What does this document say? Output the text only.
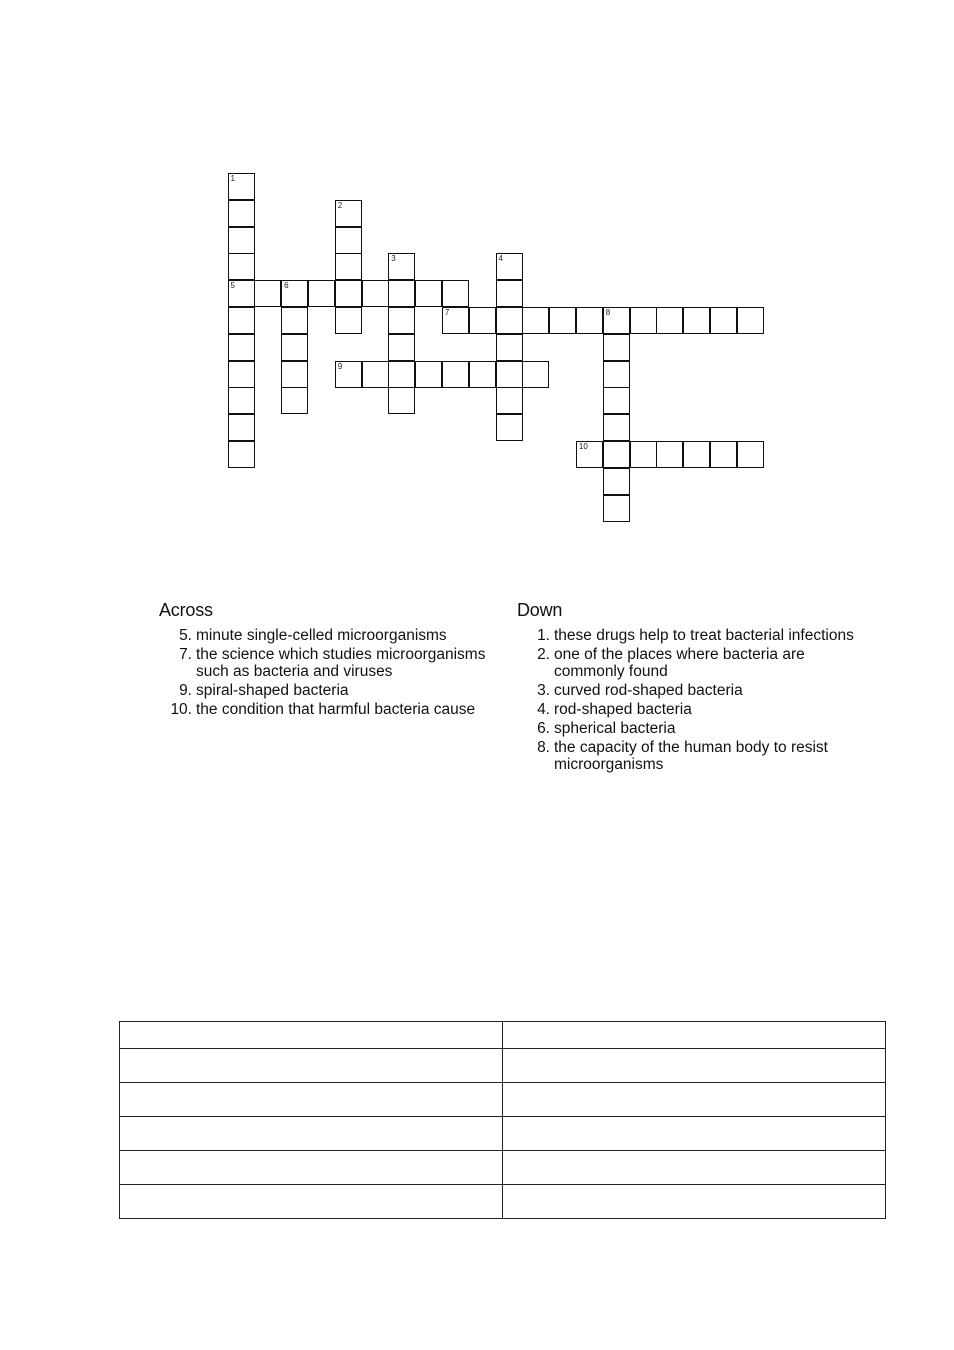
1
5
2
3	4
6
7	8
9
10
Across
5. minute single-celled microorganisms
7. the science which studies microorganisms such as bacteria and viruses
9. spiral-shaped bacteria
10. the condition that harmful bacteria cause
Down
1. these drugs help to treat bacterial infections
2. one of the places where bacteria are commonly found
3. curved rod-shaped bacteria
4. rod-shaped bacteria
6. spherical bacteria
8. the capacity of the human body to resist microorganisms
